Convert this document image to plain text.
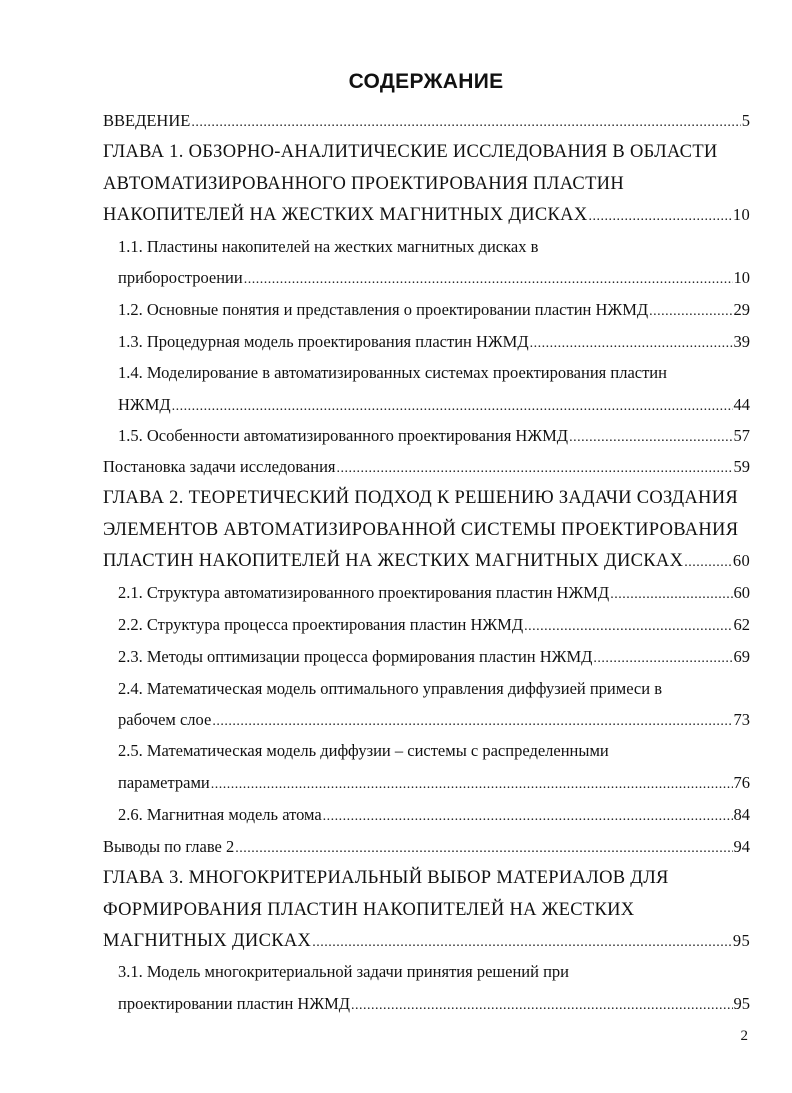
СОДЕРЖАНИЕ
ВВЕДЕНИЕ .....	5
ГЛАВА 1. ОБЗОРНО-АНАЛИТИЧЕСКИЕ ИССЛЕДОВАНИЯ В ОБЛАСТИ
АВТОМАТИЗИРОВАННОГО ПРОЕКТИРОВАНИЯ ПЛАСТИН
НАКОПИТЕЛЕЙ НА ЖЕСТКИХ МАГНИТНЫХ ДИСКАХ .....	10
1.1. Пластины накопителей на жестких магнитных дисках в
приборостроении .....	10
1.2. Основные понятия и представления о проектировании пластин НЖМД .....	29
1.3. Процедурная модель проектирования пластин НЖМД .....	39
1.4. Моделирование в автоматизированных системах проектирования пластин
НЖМД .....	44
1.5. Особенности автоматизированного проектирования НЖМД .....	57
Постановка задачи исследования .....	59
ГЛАВА 2. ТЕОРЕТИЧЕСКИЙ ПОДХОД К РЕШЕНИЮ ЗАДАЧИ СОЗДАНИЯ
ЭЛЕМЕНТОВ АВТОМАТИЗИРОВАННОЙ СИСТЕМЫ ПРОЕКТИРОВАНИЯ
ПЛАСТИН НАКОПИТЕЛЕЙ НА ЖЕСТКИХ МАГНИТНЫХ ДИСКАХ .....	60
2.1. Структура автоматизированного проектирования пластин НЖМД .....	60
2.2. Структура процесса проектирования пластин НЖМД .....	62
2.3. Методы оптимизации процесса формирования пластин НЖМД .....	69
2.4. Математическая модель оптимального управления диффузией примеси в
рабочем слое .....	73
2.5. Математическая модель диффузии – системы с распределенными
параметрами .....	76
2.6. Магнитная модель атома .....	84
Выводы по главе 2 .....	94
ГЛАВА 3. МНОГОКРИТЕРИАЛЬНЫЙ ВЫБОР МАТЕРИАЛОВ ДЛЯ
ФОРМИРОВАНИЯ ПЛАСТИН НАКОПИТЕЛЕЙ НА ЖЕСТКИХ
МАГНИТНЫХ ДИСКАХ .....	95
3.1. Модель многокритериальной задачи принятия решений при
проектировании пластин НЖМД .....	95
2
